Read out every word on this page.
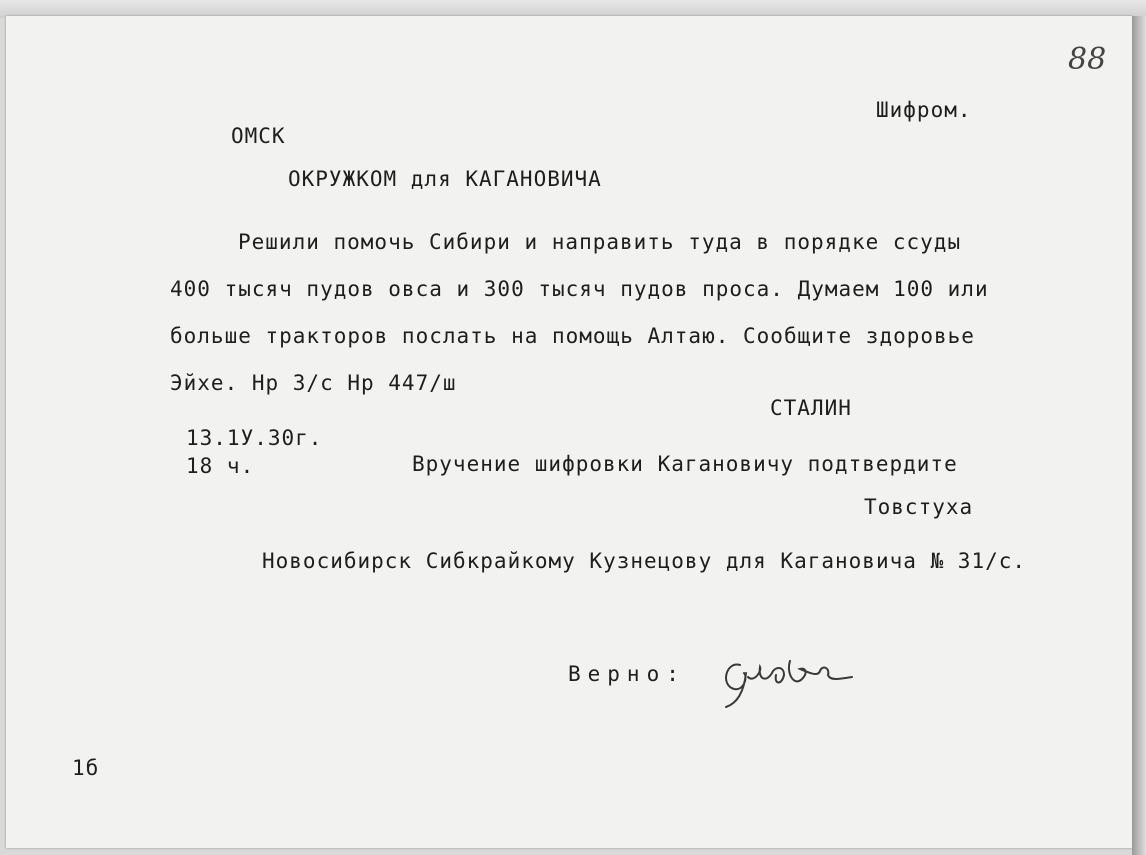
88

Шифром.

ОМСК

ОКРУЖКОМ для КАГАНОВИЧА

Решили помочь Сибири и направить туда в порядке ссуды

400 тысяч пудов овса и 300 тысяч пудов проса. Думаем 100 или

больше тракторов послать на помощь Алтаю. Сообщите здоровье

Эйхе. Нр 3/с Нр 447/ш

СТАЛИН

13.1У.30г.

18 ч.	Вручение шифровки Кагановичу подтвердите

Товстуха

Новосибирск Сибкрайкому Кузнецову для Кагановича № 31/с.

Верно:

1б
